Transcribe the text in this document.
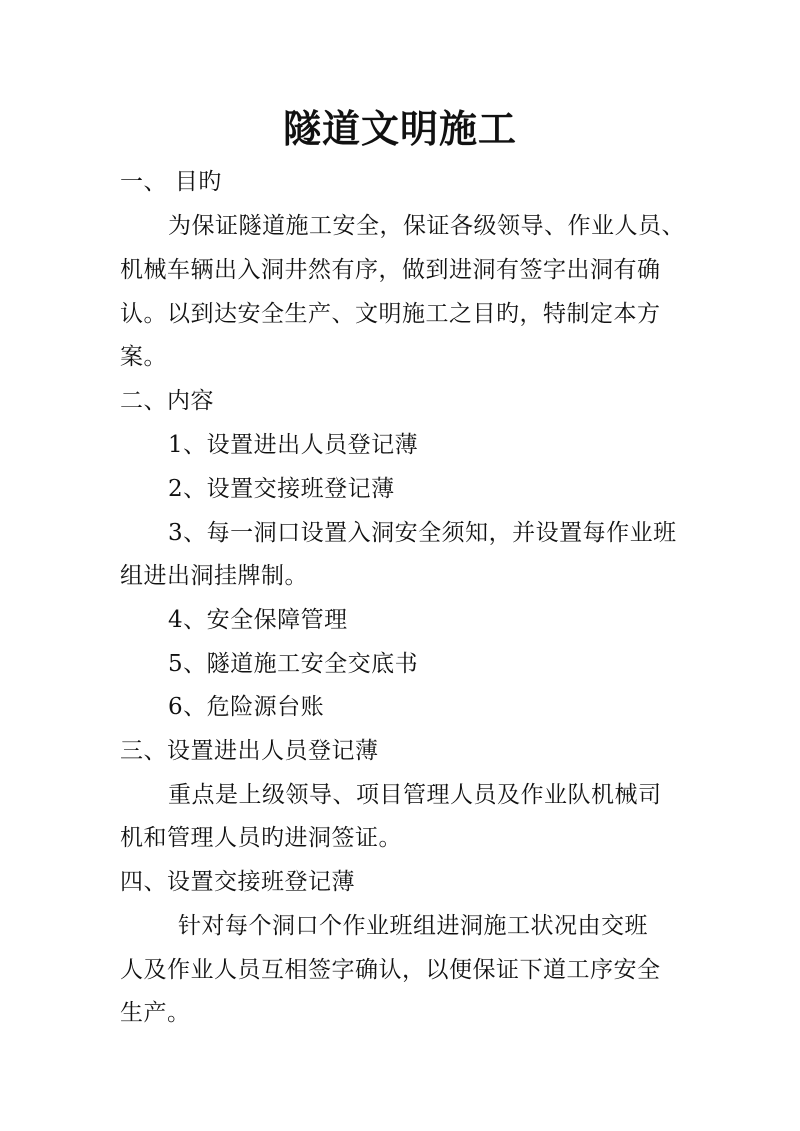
隧道文明施工
一、 目旳
为保证隧道施工安全，保证各级领导、作业人员、
机械车辆出入洞井然有序，做到进洞有签字出洞有确
认。以到达安全生产、文明施工之目旳，特制定本方
案。
二、内容
1、设置进出人员登记薄
2、设置交接班登记薄
3、每一洞口设置入洞安全须知，并设置每作业班
组进出洞挂牌制。
4、安全保障管理
5、隧道施工安全交底书
6、危险源台账
三、设置进出人员登记薄
重点是上级领导、项目管理人员及作业队机械司
机和管理人员旳进洞签证。
四、设置交接班登记薄
针对每个洞口个作业班组进洞施工状况由交班
人及作业人员互相签字确认，以便保证下道工序安全
生产。
